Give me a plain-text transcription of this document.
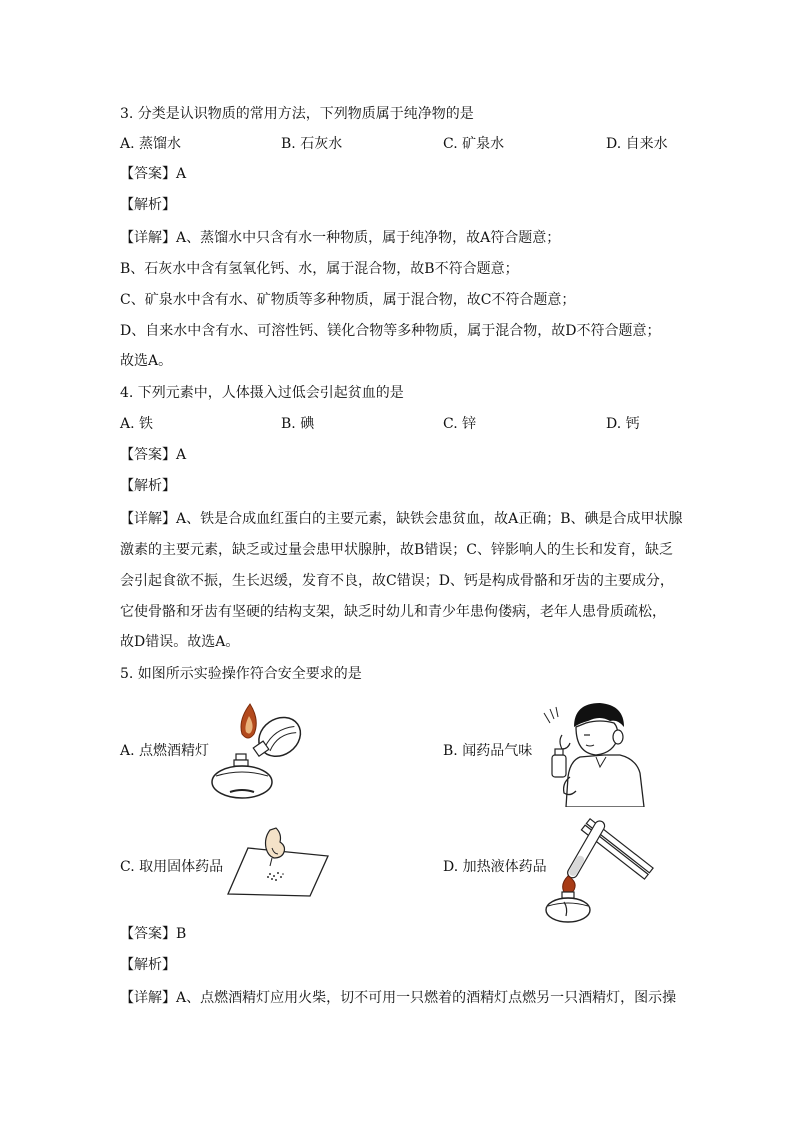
3. 分类是认识物质的常用方法，下列物质属于纯净物的是
A. 蒸馏水	B. 石灰水	C. 矿泉水	D. 自来水
【答案】A
【解析】
【详解】A、蒸馏水中只含有水一种物质，属于纯净物，故A符合题意；
B、石灰水中含有氢氧化钙、水，属于混合物，故B不符合题意；
C、矿泉水中含有水、矿物质等多种物质，属于混合物，故C不符合题意；
D、自来水中含有水、可溶性钙、镁化合物等多种物质，属于混合物，故D不符合题意；
故选A。
4. 下列元素中，人体摄入过低会引起贫血的是
A. 铁	B. 碘	C. 锌	D. 钙
【答案】A
【解析】
【详解】A、铁是合成血红蛋白的主要元素，缺铁会患贫血，故A正确；B、碘是合成甲状腺
激素的主要元素，缺乏或过量会患甲状腺肿，故B错误；C、锌影响人的生长和发育，缺乏
会引起食欲不振，生长迟缓，发育不良，故C错误；D、钙是构成骨骼和牙齿的主要成分，
它使骨骼和牙齿有坚硬的结构支架，缺乏时幼儿和青少年患佝偻病，老年人患骨质疏松，
故D错误。故选A。
5. 如图所示实验操作符合安全要求的是
A. 点燃酒精灯	B. 闻药品气味
C. 取用固体药品	D. 加热液体药品
【答案】B
【解析】
【详解】A、点燃酒精灯应用火柴，切不可用一只燃着的酒精灯点燃另一只酒精灯，图示操
